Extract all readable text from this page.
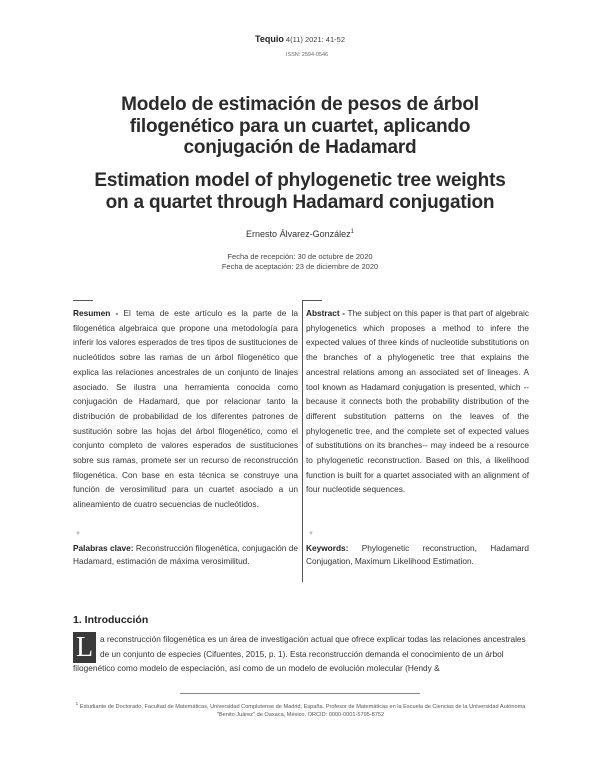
Tequio 4(11) 2021: 41-52
ISSN: 2594-0546
Modelo de estimación de pesos de árbol
filogenético para un cuartet, aplicando
conjugación de Hadamard
Estimation model of phylogenetic tree weights
on a quartet through Hadamard conjugation
Ernesto Álvarez-González$^1$
Fecha de recepción: 30 de octubre de 2020
Fecha de aceptación: 23 de diciembre de 2020
Resumen - El tema de este artículo es la parte de la filogenética algebraica que propone una metodología para inferir los valores esperados de tres tipos de sustituciones de nucleótidos sobre las ramas de un árbol filogenético que explica las relaciones ancestrales de un conjunto de linajes asociado. Se ilustra una herramienta conocida como conjugación de Hadamard, que por relacionar tanto la distribución de probabilidad de los diferentes patrones de sustitución sobre las hojas del árbol filogenético, como el conjunto completo de valores esperados de sustituciones sobre sus ramas, promete ser un recurso de reconstrucción filogenética. Con base en esta técnica se construye una función de verosimilitud para un cuartet asociado a un alineamiento de cuatro secuencias de nucleótidos.
Abstract - The subject on this paper is that part of algebraic phylogenetics which proposes a method to infere the expected values of three kinds of nucleotide substitutions on the branches of a phylogenetic tree that explains the ancestral relations among an associated set of lineages. A tool known as Hadamard conjugation is presented, which --because it connects both the probability distribution of the different substitution patterns on the leaves of the phylogenetic tree, and the complete set of expected values of substitutions on its branches-- may indeed be a resource to phylogenetic reconstruction. Based on this, a likelihood function is built for a quartet associated with an alignment of four nucleotide sequences.
▼	▼
Palabras clave: Reconstrucción filogenética, conjugación de Hadamard, estimación de máxima verosimilitud.
Keywords: Phylogenetic reconstruction, Hadamard Conjugation, Maximum Likelihood Estimation.
1. Introducción
L a reconstrucción filogenética es un área de investigación actual que ofrece explicar todas las relaciones ancestrales de un conjunto de especies (Cifuentes, 2015, p. 1). Esta reconstrucción demanda el conocimiento de un árbol filogenético como modelo de especiación, así como de un modelo de evolución molecular (Hendy &
$^1$ Estudiante de Doctorado, Facultad de Matemáticas, Universidad Complutense de Madrid, España. Profesor de Matemáticas en la Escuela de Ciencias de la Universidad Autónoma "Benito Juárez" de Oaxaca, México. ORCID: 0000-0001-5795-8752
